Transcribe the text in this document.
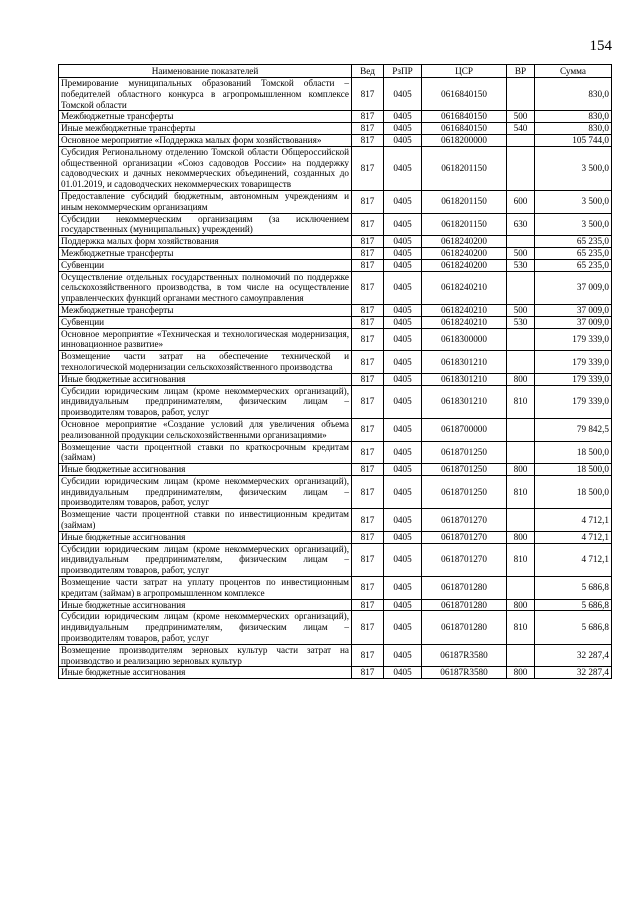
154
Наименование показателей	Вед	РзПР	ЦСР	ВР	Сумма
Премирование муниципальных образований Томской области – победителей областного конкурса в агропромышленном комплексе Томской области	817	0405	0616840150		830,0
Межбюджетные трансферты	817	0405	0616840150	500	830,0
Иные межбюджетные трансферты	817	0405	0616840150	540	830,0
Основное мероприятие «Поддержка малых форм хозяйствования»	817	0405	0618200000		105 744,0
Субсидия Региональному отделению Томской области Общероссийской общественной организации «Союз садоводов России» на поддержку садоводческих и дачных некоммерческих объединений, созданных до 01.01.2019, и садоводческих некоммерческих товариществ	817	0405	0618201150		3 500,0
Предоставление субсидий бюджетным, автономным учреждениям и иным некоммерческим организациям	817	0405	0618201150	600	3 500,0
Субсидии некоммерческим организациям (за исключением государственных (муниципальных) учреждений)	817	0405	0618201150	630	3 500,0
Поддержка малых форм хозяйствования	817	0405	0618240200		65 235,0
Межбюджетные трансферты	817	0405	0618240200	500	65 235,0
Субвенции	817	0405	0618240200	530	65 235,0
Осуществление отдельных государственных полномочий по поддержке сельскохозяйственного производства, в том числе на осуществление управленческих функций органами местного самоуправления	817	0405	0618240210		37 009,0
Межбюджетные трансферты	817	0405	0618240210	500	37 009,0
Субвенции	817	0405	0618240210	530	37 009,0
Основное мероприятие «Техническая и технологическая модернизация, инновационное развитие»	817	0405	0618300000		179 339,0
Возмещение части затрат на обеспечение технической и технологической модернизации сельскохозяйственного производства	817	0405	0618301210		179 339,0
Иные бюджетные ассигнования	817	0405	0618301210	800	179 339,0
Субсидии юридическим лицам (кроме некоммерческих организаций), индивидуальным предпринимателям, физическим лицам – производителям товаров, работ, услуг	817	0405	0618301210	810	179 339,0
Основное мероприятие «Создание условий для увеличения объема реализованной продукции сельскохозяйственными организациями»	817	0405	0618700000		79 842,5
Возмещение части процентной ставки по краткосрочным кредитам (займам)	817	0405	0618701250		18 500,0
Иные бюджетные ассигнования	817	0405	0618701250	800	18 500,0
Субсидии юридическим лицам (кроме некоммерческих организаций), индивидуальным предпринимателям, физическим лицам – производителям товаров, работ, услуг	817	0405	0618701250	810	18 500,0
Возмещение части процентной ставки по инвестиционным кредитам (займам)	817	0405	0618701270		4 712,1
Иные бюджетные ассигнования	817	0405	0618701270	800	4 712,1
Субсидии юридическим лицам (кроме некоммерческих организаций), индивидуальным предпринимателям, физическим лицам – производителям товаров, работ, услуг	817	0405	0618701270	810	4 712,1
Возмещение части затрат на уплату процентов по инвестиционным кредитам (займам) в агропромышленном комплексе	817	0405	0618701280		5 686,8
Иные бюджетные ассигнования	817	0405	0618701280	800	5 686,8
Субсидии юридическим лицам (кроме некоммерческих организаций), индивидуальным предпринимателям, физическим лицам – производителям товаров, работ, услуг	817	0405	0618701280	810	5 686,8
Возмещение производителям зерновых культур части затрат на производство и реализацию зерновых культур	817	0405	06187R3580		32 287,4
Иные бюджетные ассигнования	817	0405	06187R3580	800	32 287,4
